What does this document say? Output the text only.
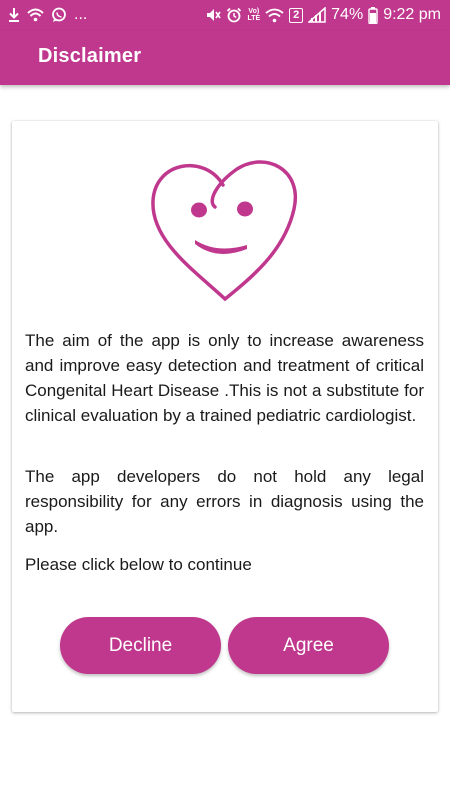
...	Vo)
LTE	2 74% 9:22 pm
Disclaimer

The aim of the app is only to increase awareness and improve easy detection and treatment of critical Congenital Heart Disease .This is not a substitute for clinical evaluation by a trained pediatric cardiologist.

The app developers do not hold any legal responsibility for any errors in diagnosis using the app.

Please click below to continue

Decline	Agree
